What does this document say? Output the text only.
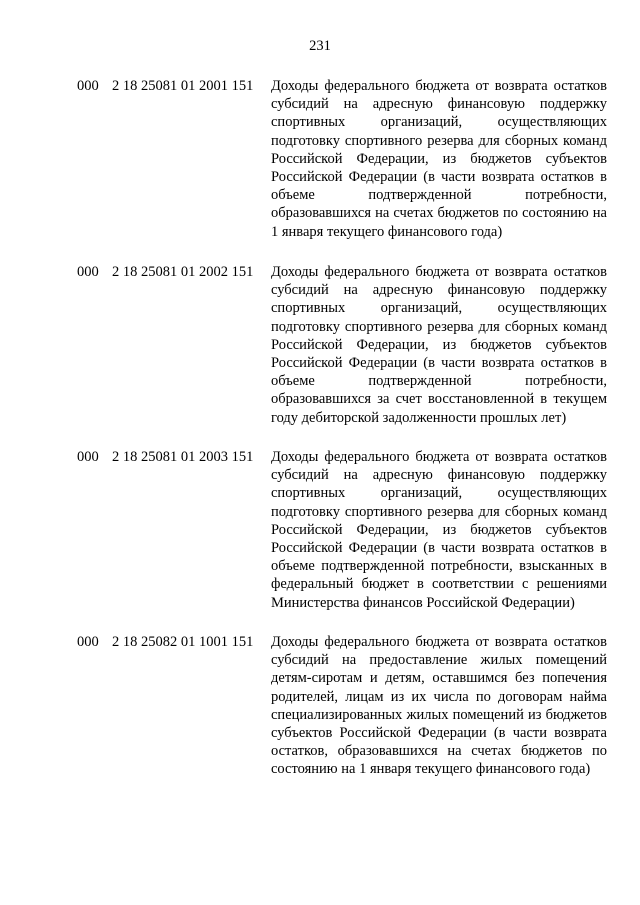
231
000 2 18 25081 01 2001 151 Доходы федерального бюджета от возврата остатков субсидий на адресную финансовую поддержку спортивных организаций, осуществляющих подготовку спортивного резерва для сборных команд Российской Федерации, из бюджетов субъектов Российской Федерации (в части возврата остатков в объеме подтвержденной потребности, образовавшихся на счетах бюджетов по состоянию на 1 января текущего финансового года)
000 2 18 25081 01 2002 151 Доходы федерального бюджета от возврата остатков субсидий на адресную финансовую поддержку спортивных организаций, осуществляющих подготовку спортивного резерва для сборных команд Российской Федерации, из бюджетов субъектов Российской Федерации (в части возврата остатков в объеме подтвержденной потребности, образовавшихся за счет восстановленной в текущем году дебиторской задолженности прошлых лет)
000 2 18 25081 01 2003 151 Доходы федерального бюджета от возврата остатков субсидий на адресную финансовую поддержку спортивных организаций, осуществляющих подготовку спортивного резерва для сборных команд Российской Федерации, из бюджетов субъектов Российской Федерации (в части возврата остатков в объеме подтвержденной потребности, взысканных в федеральный бюджет в соответствии с решениями Министерства финансов Российской Федерации)
000 2 18 25082 01 1001 151 Доходы федерального бюджета от возврата остатков субсидий на предоставление жилых помещений детям-сиротам и детям, оставшимся без попечения родителей, лицам из их числа по договорам найма специализированных жилых помещений из бюджетов субъектов Российской Федерации (в части возврата остатков, образовавшихся на счетах бюджетов по состоянию на 1 января текущего финансового года)
